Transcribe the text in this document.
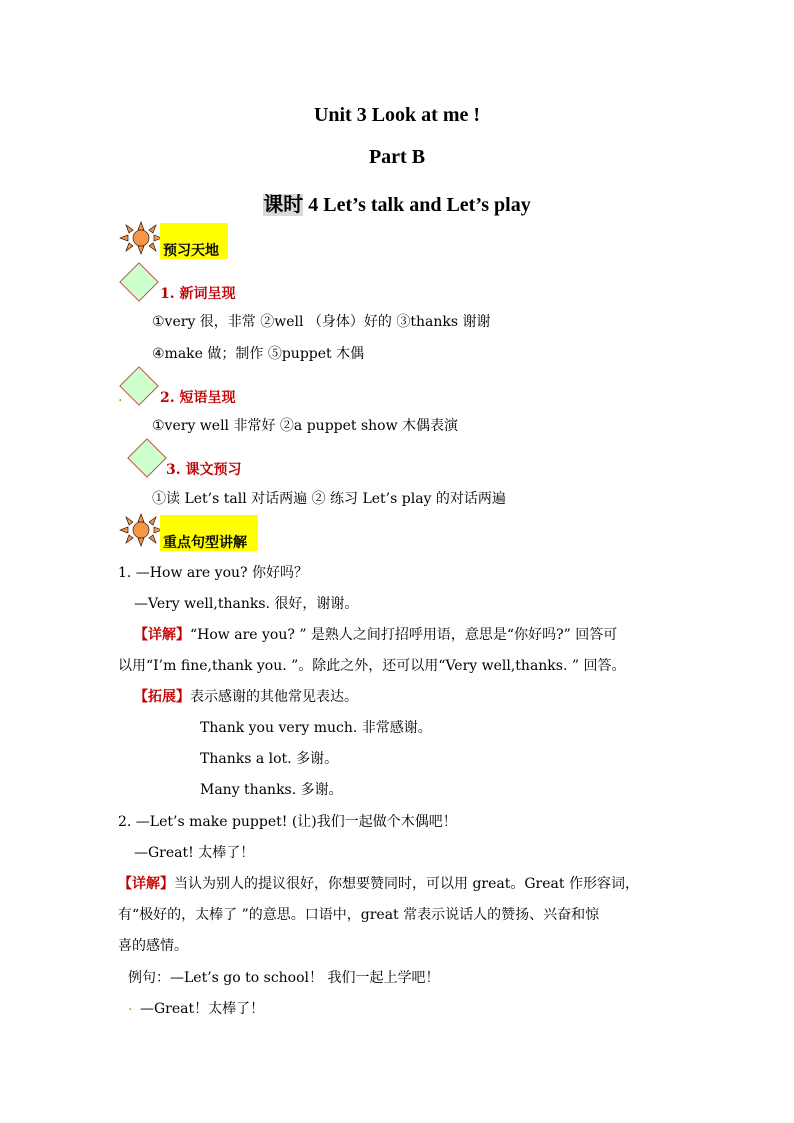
Unit 3 Look at me !
Part B
课时 4 Let’s talk and Let’s play
预习天地
1. 新词呈现
①very 很，非常 ②well （身体）好的 ③thanks 谢谢
④make 做；制作 ⑤puppet 木偶
.	2. 短语呈现
①very well 非常好 ②a puppet show 木偶表演
3. 课文预习
①读 Let’s tall 对话两遍 ② 练习 Let’s play 的对话两遍
重点句型讲解
1. —How are you? 你好吗？
—Very well,thanks. 很好，谢谢。
【详解】“How are you? ” 是熟人之间打招呼用语，意思是“你好吗?” 回答可
以用“I’m fine,thank you. ”。除此之外，还可以用“Very well,thanks. ” 回答。
【拓展】表示感谢的其他常见表达。
Thank you very much. 非常感谢。
Thanks a lot. 多谢。
Many thanks. 多谢。
2. —Let’s make puppet! (让)我们一起做个木偶吧！
—Great! 太棒了！
【详解】当认为别人的提议很好，你想要赞同时，可以用 great。Great 作形容词，
有“极好的，太棒了 ”的意思。口语中，great 常表示说话人的赞扬、兴奋和惊
喜的感情。
例句：—Let’s go to school！ 我们一起上学吧！
. —Great！太棒了！
